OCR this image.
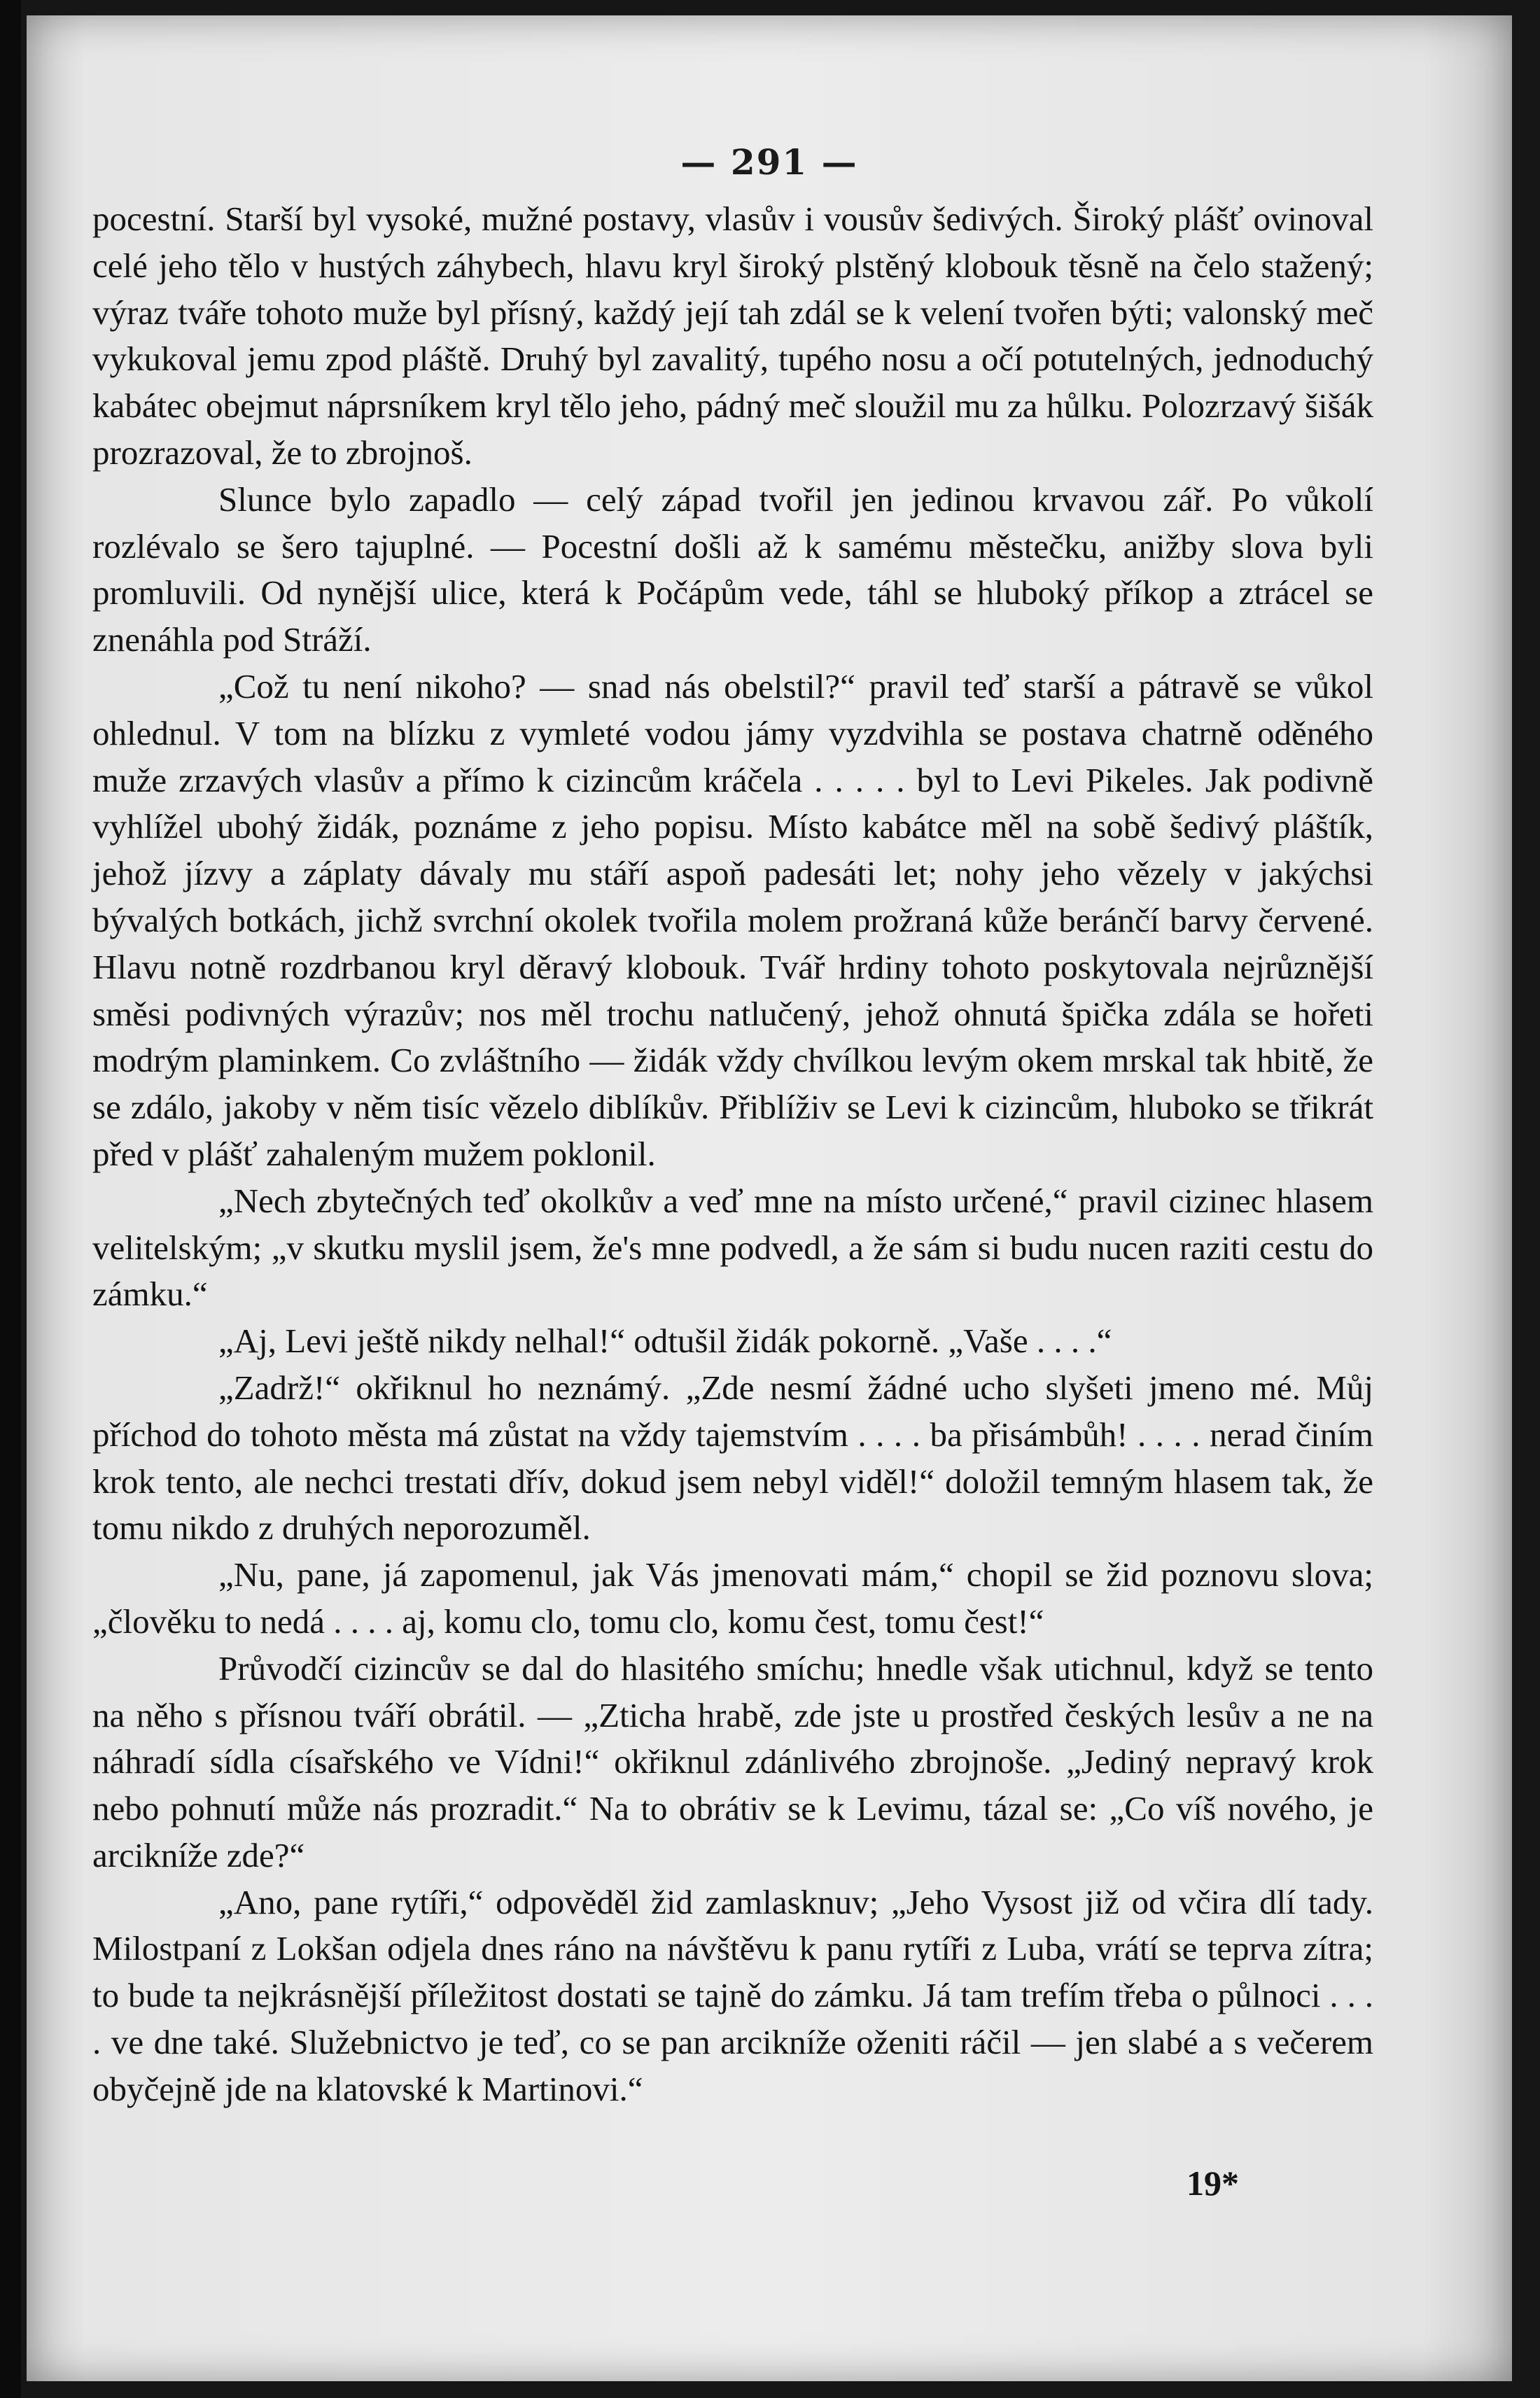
— 291 —

pocestní. Starší byl vysoké, mužné postavy, vlasův i vousův šedivých. Široký plášť ovinoval celé jeho tělo v hustých záhybech, hlavu kryl široký plstěný klobouk těsně na čelo stažený; výraz tváře tohoto muže byl přísný, každý její tah zdál se k velení tvořen býti; valonský meč vykukoval jemu zpod pláště. Druhý byl zavalitý, tupého nosu a očí potutelných, jednoduchý kabátec obejmut náprsníkem kryl tělo jeho, pádný meč sloužil mu za hůlku. Polozrzavý šišák prozrazoval, že to zbrojnoš.

Slunce bylo zapadlo — celý západ tvořil jen jedinou krvavou zář. Po vůkolí rozlévalo se šero tajuplné. — Pocestní došli až k samému městečku, anižby slova byli promluvili. Od nynější ulice, která k Počápům vede, táhl se hluboký příkop a ztrácel se znenáhla pod Stráží.

„Což tu není nikoho? — snad nás obelstil?“ pravil teď starší a pátravě se vůkol ohlednul. V tom na blízku z vymleté vodou jámy vyzdvihla se postava chatrně oděného muže zrzavých vlasův a přímo k cizincům kráčela . . . . . byl to Levi Pikeles. Jak podivně vyhlížel ubohý židák, poznáme z jeho popisu. Místo kabátce měl na sobě šedivý pláštík, jehož jízvy a záplaty dávaly mu stáří aspoň padesáti let; nohy jeho vězely v jakýchsi bývalých botkách, jichž svrchní okolek tvořila molem prožraná kůže beránčí barvy červené. Hlavu notně rozdrbanou kryl děravý klobouk. Tvář hrdiny tohoto poskytovala nejrůznější směsi podivných výrazův; nos měl trochu natlučený, jehož ohnutá špička zdála se hořeti modrým plaminkem. Co zvláštního — židák vždy chvílkou levým okem mrskal tak hbitě, že se zdálo, jakoby v něm tisíc vězelo diblíkův. Přiblíživ se Levi k cizincům, hluboko se třikrát před v plášť zahaleným mužem poklonil.

„Nech zbytečných teď okolkův a veď mne na místo určené,“ pravil cizinec hlasem velitelským; „v skutku myslil jsem, že's mne podvedl, a že sám si budu nucen raziti cestu do zámku.“

„Aj, Levi ještě nikdy nelhal!“ odtušil židák pokorně. „Vaše . . . .“

„Zadrž!“ okřiknul ho neznámý. „Zde nesmí žádné ucho slyšeti jmeno mé. Můj příchod do tohoto města má zůstat na vždy tajemstvím . . . . ba přisámbůh! . . . . nerad činím krok tento, ale nechci trestati dřív, dokud jsem nebyl viděl!“ doložil temným hlasem tak, že tomu nikdo z druhých neporozuměl.

„Nu, pane, já zapomenul, jak Vás jmenovati mám,“ chopil se žid poznovu slova; „člověku to nedá . . . . aj, komu clo, tomu clo, komu čest, tomu čest!“

Průvodčí cizincův se dal do hlasitého smíchu; hnedle však utichnul, když se tento na něho s přísnou tváří obrátil. — „Zticha hrabě, zde jste u prostřed českých lesův a ne na náhradí sídla císařského ve Vídni!“ okřiknul zdánlivého zbrojnoše. „Jediný nepravý krok nebo pohnutí může nás prozradit.“ Na to obrátiv se k Levimu, tázal se: „Co víš nového, je arcikníže zde?“

„Ano, pane rytíři,“ odpověděl žid zamlasknuv; „Jeho Vysost již od včira dlí tady. Milostpaní z Lokšan odjela dnes ráno na návštěvu k panu rytíři z Luba, vrátí se teprva zítra; to bude ta nejkrásnější příležitost dostati se tajně do zámku. Já tam trefím třeba o půlnoci . . . . ve dne také. Služebnictvo je teď, co se pan arcikníže oženiti ráčil — jen slabé a s večerem obyčejně jde na klatovské k Martinovi.“

19*
